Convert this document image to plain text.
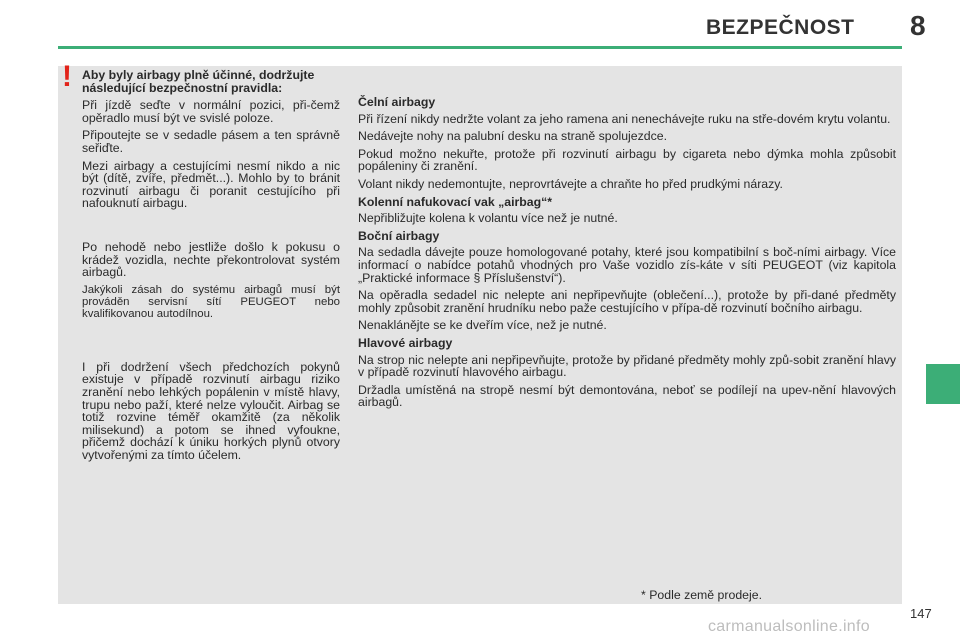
BEZPEČNOST 8
! Aby byly airbagy plně účinné, dodržujte následující bezpečnostní pravidla:

Při jízdě seďte v normální pozici, při-čemž opěradlo musí být ve svislé poloze.

Připoutejte se v sedadle pásem a ten správně seřiďte.

Mezi airbagy a cestujícími nesmí nikdo a nic být (dítě, zvíře, předmět...). Mohlo by to bránit rozvinutí airbagu či poranit cestujícího při nafouknutí airbagu.

Po nehodě nebo jestliže došlo k pokusu o krádež vozidla, nechte překontrolovat systém airbagů.

Jakýkoli zásah do systému airbagů musí být prováděn servisní sítí PEUGEOT nebo kvalifikovanou autodílnou.

I při dodržení všech předchozích pokynů existuje v případě rozvinutí airbagu riziko zranění nebo lehkých popálenin v místě hlavy, trupu nebo paží, které nelze vyloučit. Airbag se totiž rozvine téměř okamžitě (za několik milisekund) a potom se ihned vyfoukne, přičemž dochází k úniku horkých plynů otvory vytvořenými za tímto účelem.

Čelní airbagy

Při řízení nikdy nedržte volant za jeho ramena ani nenechávejte ruku na stře-dovém krytu volantu.

Nedávejte nohy na palubní desku na straně spolujezdce.

Pokud možno nekuřte, protože při rozvinutí airbagu by cigareta nebo dýmka mohla způsobit popáleniny či zranění.

Volant nikdy nedemontujte, neprovrtávejte a chraňte ho před prudkými nárazy.

Kolenní nafukovací vak „airbag“*

Nepřibližujte kolena k volantu více než je nutné.

Boční airbagy

Na sedadla dávejte pouze homologované potahy, které jsou kompatibilní s boč-ními airbagy. Více informací o nabídce potahů vhodných pro Vaše vozidlo zís-káte v síti PEUGEOT (viz kapitola „Praktické informace § Příslušenství“).

Na opěradla sedadel nic nelepte ani nepřipevňujte (oblečení...), protože by při-dané předměty mohly způsobit zranění hrudníku nebo paže cestujícího v přípa-dě rozvinutí bočního airbagu.

Nenaklánějte se ke dveřím více, než je nutné.

Hlavové airbagy

Na strop nic nelepte ani nepřipevňujte, protože by přidané předměty mohly způ-sobit zranění hlavy v případě rozvinutí hlavového airbagu.

Držadla umístěná na stropě nesmí být demontována, neboť se podílejí na upev-nění hlavových airbagů.

* Podle země prodeje.
147
carmanualsonline.info
